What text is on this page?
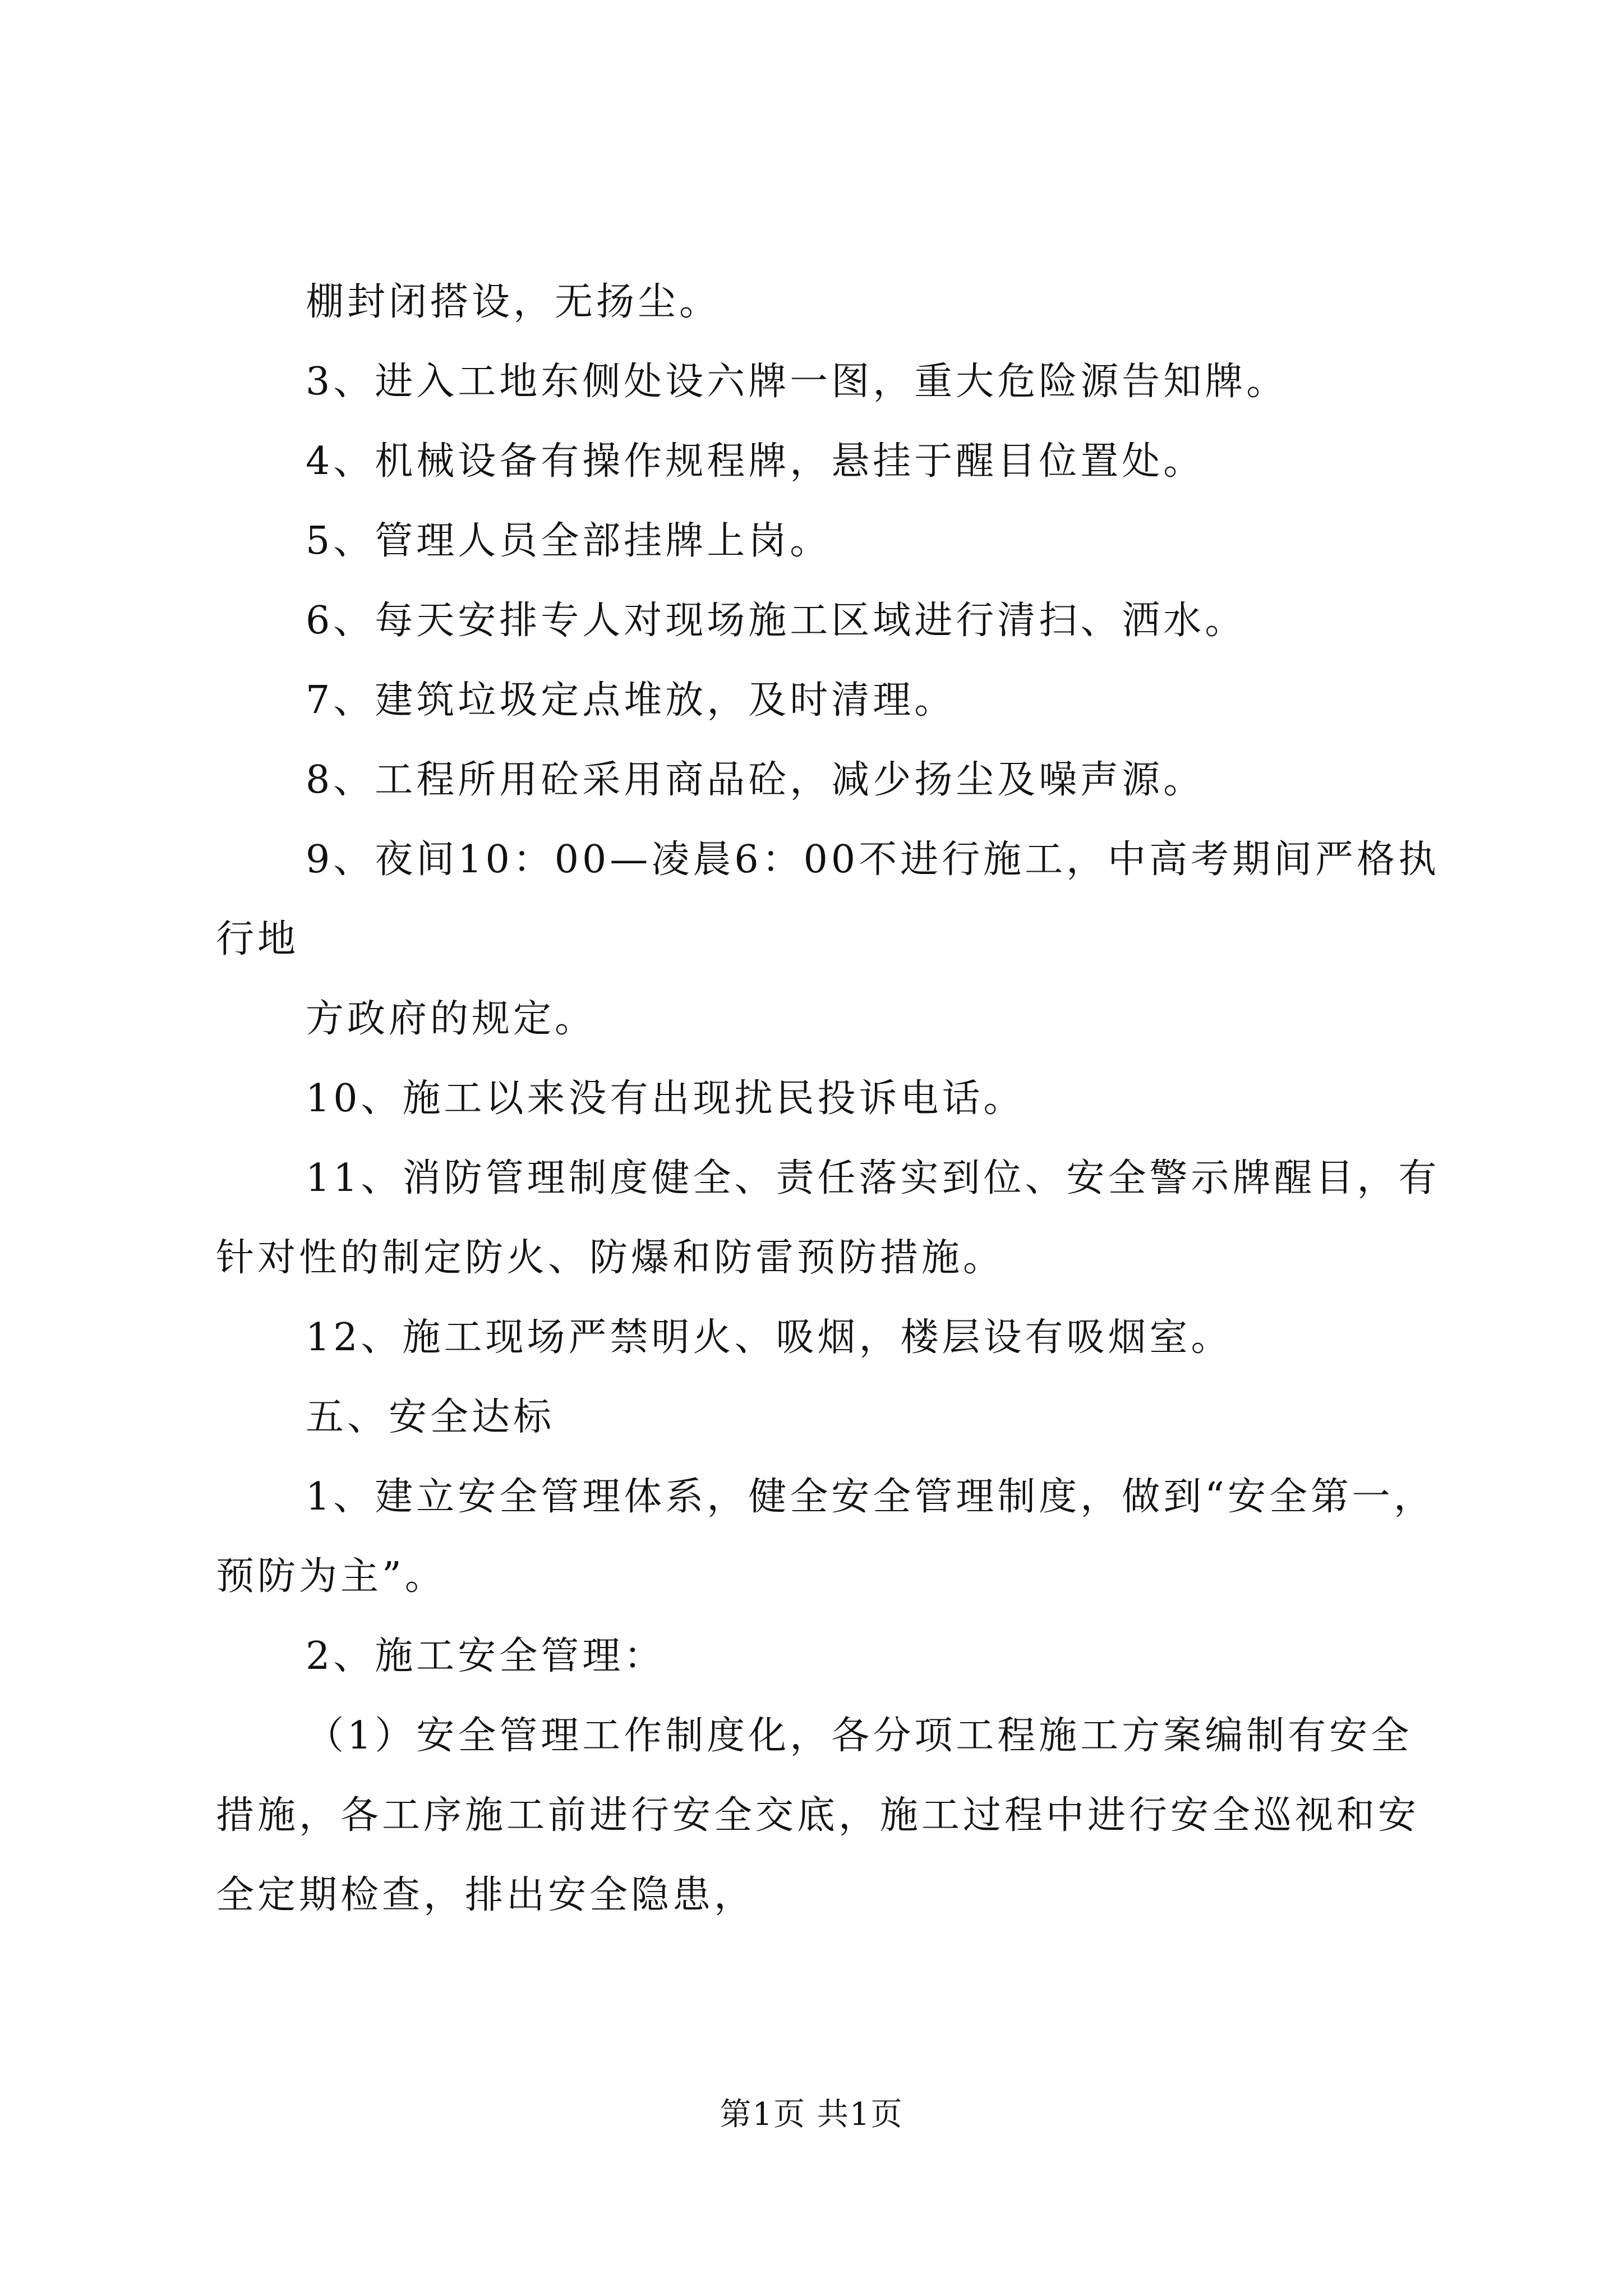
棚封闭搭设，无扬尘。

3、进入工地东侧处设六牌一图，重大危险源告知牌。

4、机械设备有操作规程牌，悬挂于醒目位置处。

5、管理人员全部挂牌上岗。

6、每天安排专人对现场施工区域进行清扫、洒水。

7、建筑垃圾定点堆放，及时清理。

8、工程所用砼采用商品砼，减少扬尘及噪声源。

9、夜间10：00—凌晨6：00不进行施工，中高考期间严格执行地

方政府的规定。

10、施工以来没有出现扰民投诉电话。

11、消防管理制度健全、责任落实到位、安全警示牌醒目，有针对性的制定防火、防爆和防雷预防措施。

12、施工现场严禁明火、吸烟，楼层设有吸烟室。

五、安全达标

1、建立安全管理体系，健全安全管理制度，做到“安全第一，预防为主”。

2、施工安全管理：

（1）安全管理工作制度化，各分项工程施工方案编制有安全措施，各工序施工前进行安全交底，施工过程中进行安全巡视和安全定期检查，排出安全隐患，

第1页 共1页
